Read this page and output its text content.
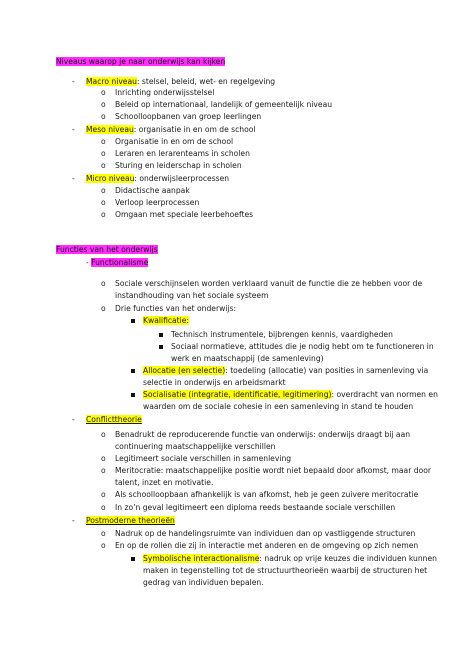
Niveaus waarop je naar onderwijs kan kijken
- Macro niveau: stelsel, beleid, wet- en regelgeving
o Inrichting onderwijsstelsel
o Beleid op internationaal, landelijk of gemeentelijk niveau
o Schoolloopbanen van groep leerlingen
- Meso niveau: organisatie in en om de school
o Organisatie in en om de school
o Leraren en lerarenteams in scholen
o Sturing en leiderschap in scholen
- Micro niveau: onderwijsleerprocessen
o Didactische aanpak
o Verloop leerprocessen
o Omgaan met speciale leerbehoeftes
Functies van het onderwijs
- Functionalisme
o Sociale verschijnselen worden verklaard vanuit de functie die ze hebben voor de
instandhouding van het sociale systeem
o Drie functies van het onderwijs:
Kwalificatie:
Technisch instrumentele, bijbrengen kennis, vaardigheden
Sociaal normatieve, attitudes die je nodig hebt om te functioneren in
werk en maatschappij (de samenleving)
Allocatie (en selectie): toedeling (allocatie) van posities in samenleving via
selectie in onderwijs en arbeidsmarkt
Socialisatie (integratie, identificatie, legitimering): overdracht van normen en
waarden om de sociale cohesie in een samenleving in stand te houden
- Conflicttheorie
o Benadrukt de reproducerende functie van onderwijs: onderwijs draagt bij aan
continuering maatschappelijke verschillen
o Legitimeert sociale verschillen in samenleving
o Meritocratie: maatschappelijke positie wordt niet bepaald door afkomst, maar door
talent, inzet en motivatie.
o Als schoolloopbaan afhankelijk is van afkomst, heb je geen zuivere meritocratie
o In zo’n geval legitimeert een diploma reeds bestaande sociale verschillen
- Postmoderne theorieën
o Nadruk op de handelingsruimte van individuen dan op vastliggende structuren
o En op de rollen die zij in interactie met anderen en de omgeving op zich nemen
Symbolische interactionalisme: nadruk op vrije keuzes die individuen kunnen
maken in tegenstelling tot de structuurtheorieën waarbij de structuren het
gedrag van individuen bepalen.
